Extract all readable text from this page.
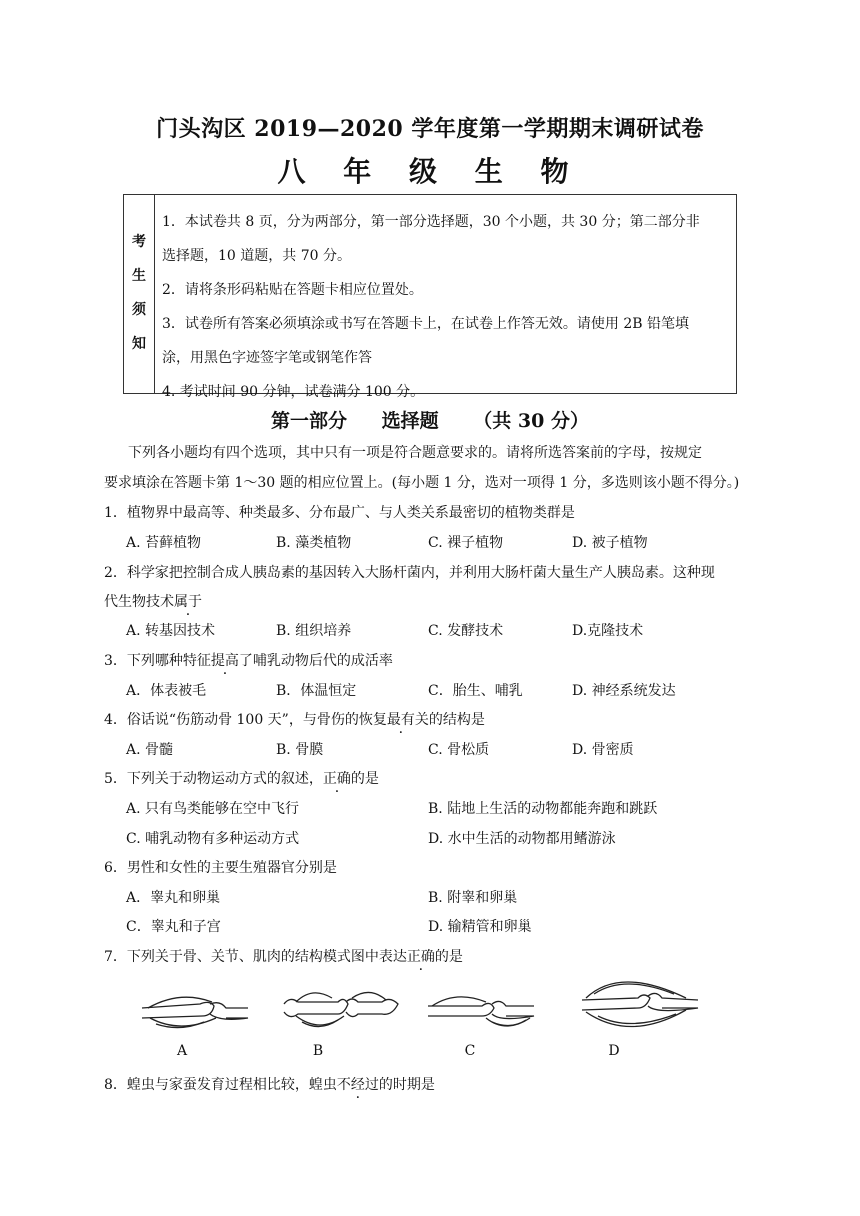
门头沟区 2019—2020 学年度第一学期期末调研试卷
八 年 级 生 物
考
生
须
知
1．本试卷共 8 页，分为两部分，第一部分选择题，30 个小题，共 30 分；第二部分非
选择题，10 道题，共 70 分。
2．请将条形码粘贴在答题卡相应位置处。
3．试卷所有答案必须填涂或书写在答题卡上，在试卷上作答无效。请使用 2B 铅笔填
涂，用黑色字迹签字笔或钢笔作答
4. 考试时间 90 分钟，试卷满分 100 分。
第一部分 选择题 （共 30 分）
下列各小题均有四个选项，其中只有一项是符合题意要求的。请将所选答案前的字母，按规定
要求填涂在答题卡第 1～30 题的相应位置上。(每小题 1 分，选对一项得 1 分，多选则该小题不得分。)
1．植物界中最高等、种类最多、分布最广、与人类关系最密切的植物类群是
A. 苔藓植物	B. 藻类植物	C. 裸子植物	D. 被子植物
2．科学家把控制合成人胰岛素的基因转入大肠杆菌内，并利用大肠杆菌大量生产人胰岛素。这种现
代生物技术属于
A. 转基因技术	B. 组织培养	C. 发酵技术	D.克隆技术
3．下列哪种特征提高了哺乳动物后代的成活率
A．体表被毛	B．体温恒定	C．胎生、哺乳	D. 神经系统发达
4．俗话说“伤筋动骨 100 天”，与骨伤的恢复最有关的结构是
A. 骨髓	B. 骨膜	C. 骨松质	D. 骨密质
5．下列关于动物运动方式的叙述，正确的是
A. 只有鸟类能够在空中飞行	B. 陆地上生活的动物都能奔跑和跳跃
C. 哺乳动物有多种运动方式	D. 水中生活的动物都用鳍游泳
6．男性和女性的主要生殖器官分别是
A．睾丸和卵巢	B. 附睾和卵巢
C．睾丸和子宫	D. 输精管和卵巢
7．下列关于骨、关节、肌肉的结构模式图中表达正确的是
A	B	C	D
8．蝗虫与家蚕发育过程相比较，蝗虫不经过的时期是
